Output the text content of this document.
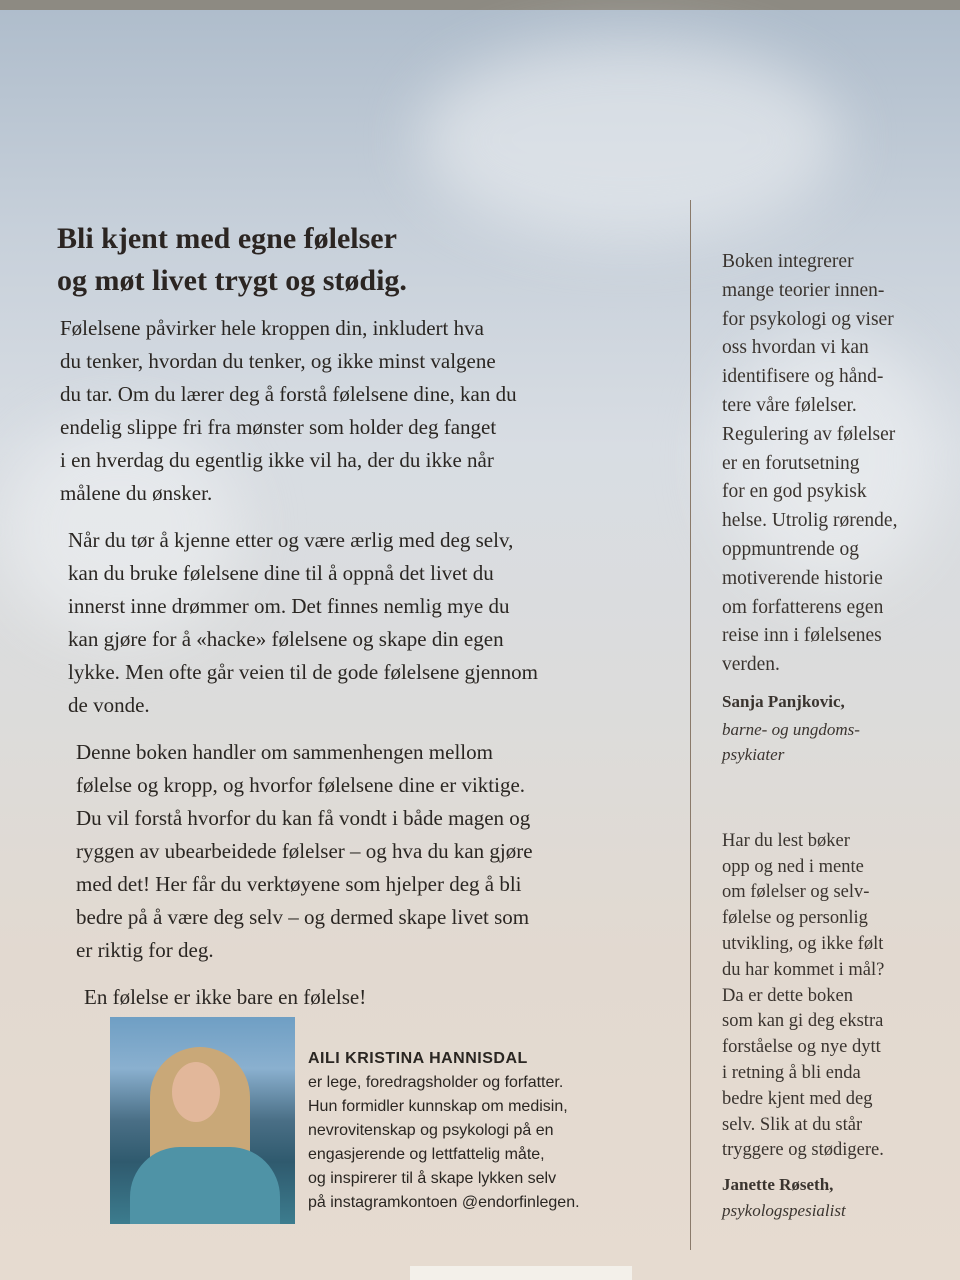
Bli kjent med egne følelser
og møt livet trygt og stødig.
Følelsene påvirker hele kroppen din, inkludert hva
du tenker, hvordan du tenker, og ikke minst valgene
du tar. Om du lærer deg å forstå følelsene dine, kan du
endelig slippe fri fra mønster som holder deg fanget
i en hverdag du egentlig ikke vil ha, der du ikke når
målene du ønsker.
Når du tør å kjenne etter og være ærlig med deg selv,
kan du bruke følelsene dine til å oppnå det livet du
innerst inne drømmer om. Det finnes nemlig mye du
kan gjøre for å «hacke» følelsene og skape din egen
lykke. Men ofte går veien til de gode følelsene gjennom
de vonde.
Denne boken handler om sammenhengen mellom
følelse og kropp, og hvorfor følelsene dine er viktige.
Du vil forstå hvorfor du kan få vondt i både magen og
ryggen av ubearbeidede følelser – og hva du kan gjøre
med det! Her får du verktøyene som hjelper deg å bli
bedre på å være deg selv – og dermed skape livet som
er riktig for deg.
En følelse er ikke bare en følelse!
Boken integrerer
mange teorier innen-
for psykologi og viser
oss hvordan vi kan
identifisere og hånd-
tere våre følelser.
Regulering av følelser
er en forutsetning
for en god psykisk
helse. Utrolig rørende,
oppmuntrende og
motiverende historie
om forfatterens egen
reise inn i følelsenes
verden.
Sanja Panjkovic,
barne- og ungdoms-
psykiater
Har du lest bøker
opp og ned i mente
om følelser og selv-
følelse og personlig
utvikling, og ikke følt
du har kommet i mål?
Da er dette boken
som kan gi deg ekstra
forståelse og nye dytt
i retning å bli enda
bedre kjent med deg
selv. Slik at du står
tryggere og stødigere.
Janette Røseth,
psykologspesialist
AILI KRISTINA HANNISDAL
er lege, foredragsholder og forfatter.
Hun formidler kunnskap om medisin,
nevrovitenskap og psykologi på en
engasjerende og lettfattelig måte,
og inspirerer til å skape lykken selv
på instagramkontoen @endorfinlegen.
